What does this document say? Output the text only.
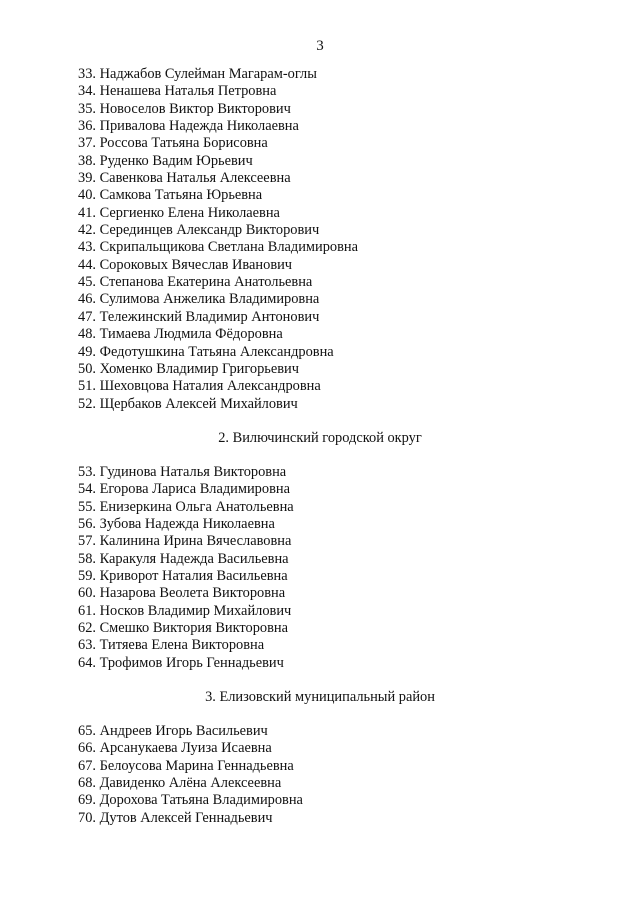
3
33. Наджабов Сулейман Магарам-оглы
34. Ненашева Наталья Петровна
35. Новоселов Виктор Викторович
36. Привалова Надежда Николаевна
37. Россова Татьяна Борисовна
38. Руденко Вадим Юрьевич
39. Савенкова Наталья Алексеевна
40. Самкова Татьяна Юрьевна
41. Сергиенко Елена Николаевна
42. Серединцев Александр Викторович
43. Скрипальщикова Светлана Владимировна
44. Сороковых Вячеслав Иванович
45. Степанова Екатерина Анатольевна
46. Сулимова Анжелика Владимировна
47. Тележинский Владимир Антонович
48. Тимаева Людмила Фёдоровна
49. Федотушкина Татьяна Александровна
50. Хоменко Владимир Григорьевич
51. Шеховцова Наталия Александровна
52. Щербаков Алексей Михайлович
2. Вилючинский городской округ
53. Гудинова Наталья Викторовна
54. Егорова Лариса Владимировна
55. Енизеркина Ольга Анатольевна
56. Зубова Надежда Николаевна
57. Калинина Ирина Вячеславовна
58. Каракуля Надежда Васильевна
59. Криворот Наталия Васильевна
60. Назарова Веолета Викторовна
61. Носков Владимир Михайлович
62. Смешко Виктория Викторовна
63. Титяева Елена Викторовна
64. Трофимов Игорь Геннадьевич
3. Елизовский муниципальный район
65. Андреев Игорь Васильевич
66. Арсанукаева Луиза Исаевна
67. Белоусова Марина Геннадьевна
68. Давиденко Алёна Алексеевна
69. Дорохова Татьяна Владимировна
70. Дутов Алексей Геннадьевич
